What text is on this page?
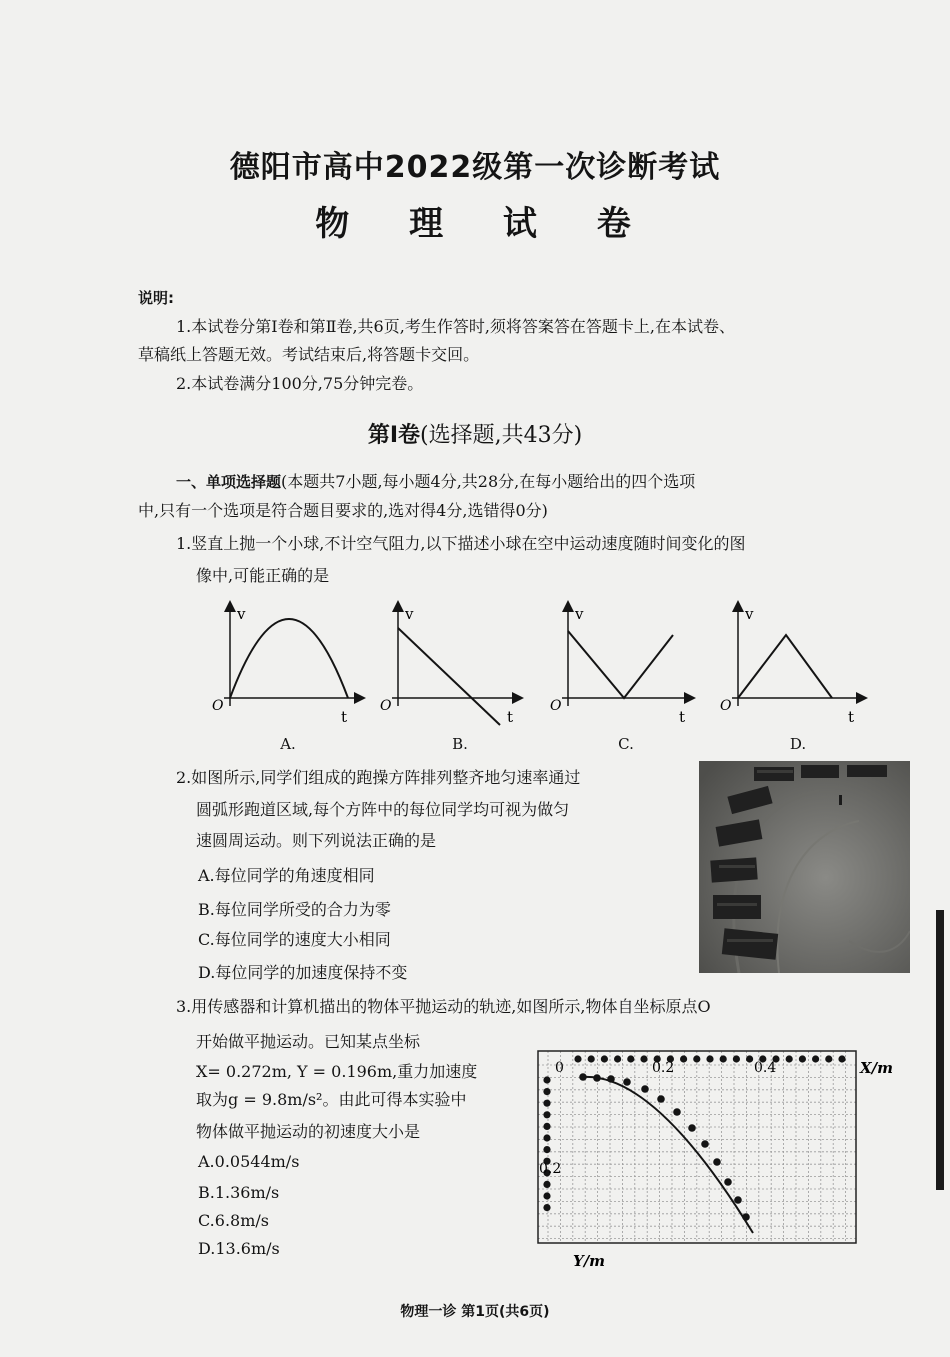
德阳市高中2022级第一次诊断考试
物 理 试 卷
说明:
1.本试卷分第Ⅰ卷和第Ⅱ卷,共6页,考生作答时,须将答案答在答题卡上,在本试卷、
草稿纸上答题无效。考试结束后,将答题卡交回。
2.本试卷满分100分,75分钟完卷。
第Ⅰ卷(选择题,共43分)
一、单项选择题(本题共7小题,每小题4分,共28分,在每小题给出的四个选项
中,只有一个选项是符合题目要求的,选对得4分,选错得0分)
1.竖直上抛一个小球,不计空气阻力,以下描述小球在空中运动速度随时间变化的图
像中,可能正确的是
v
t
O
v
t
O
v
t
O
v
t
O
A.	B.	C.	D.
2.如图所示,同学们组成的跑操方阵排列整齐地匀速率通过
圆弧形跑道区域,每个方阵中的每位同学均可视为做匀
速圆周运动。则下列说法正确的是
A.每位同学的角速度相同
B.每位同学所受的合力为零
C.每位同学的速度大小相同
D.每位同学的加速度保持不变
3.用传感器和计算机描出的物体平抛运动的轨迹,如图所示,物体自坐标原点O
开始做平抛运动。已知某点坐标
X= 0.272m, Y = 0.196m,重力加速度
取为g = 9.8m/s²。由此可得本实验中
物体做平抛运动的初速度大小是
A.0.0544m/s
B.1.36m/s
C.6.8m/s
D.13.6m/s
0	0.2	0.4
0.2
X/m
Y/m
物理一诊 第1页(共6页)
